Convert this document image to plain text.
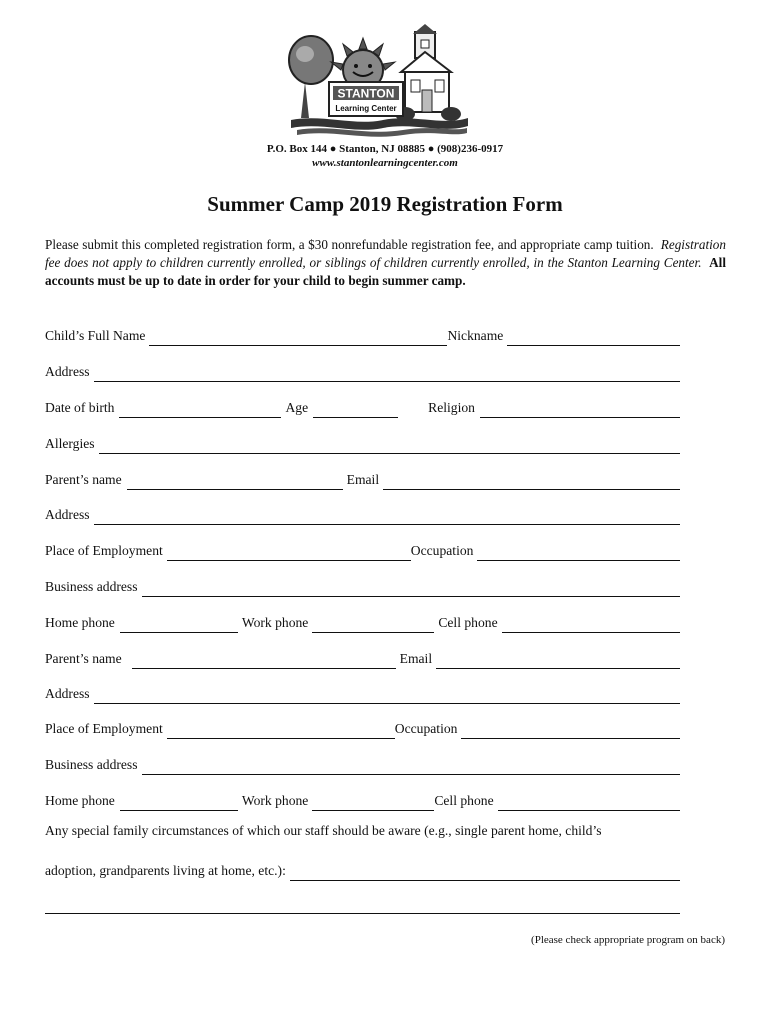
STANTON
Learning Center
P.O. Box 144 ● Stanton, NJ 08885 ● (908)236-0917
www.stantonlearningcenter.com
Summer Camp 2019 Registration Form
Please submit this completed registration form, a $30 nonrefundable registration fee, and appropriate camp tuition. Registration fee does not apply to children currently enrolled, or siblings of children currently enrolled, in the Stanton Learning Center. All accounts must be up to date in order for your child to begin summer camp.
Child’s Full Name	Nickname
Address
Date of birth	Age	Religion
Allergies
Parent’s name	Email
Address
Place of Employment	Occupation
Business address
Home phone	Work phone	Cell phone
Parent’s name	Email
Address
Place of Employment	Occupation
Business address
Home phone	Work phone	Cell phone
Any special family circumstances of which our staff should be aware (e.g., single parent home, child’s
adoption, grandparents living at home, etc.):
(Please check appropriate program on back)
